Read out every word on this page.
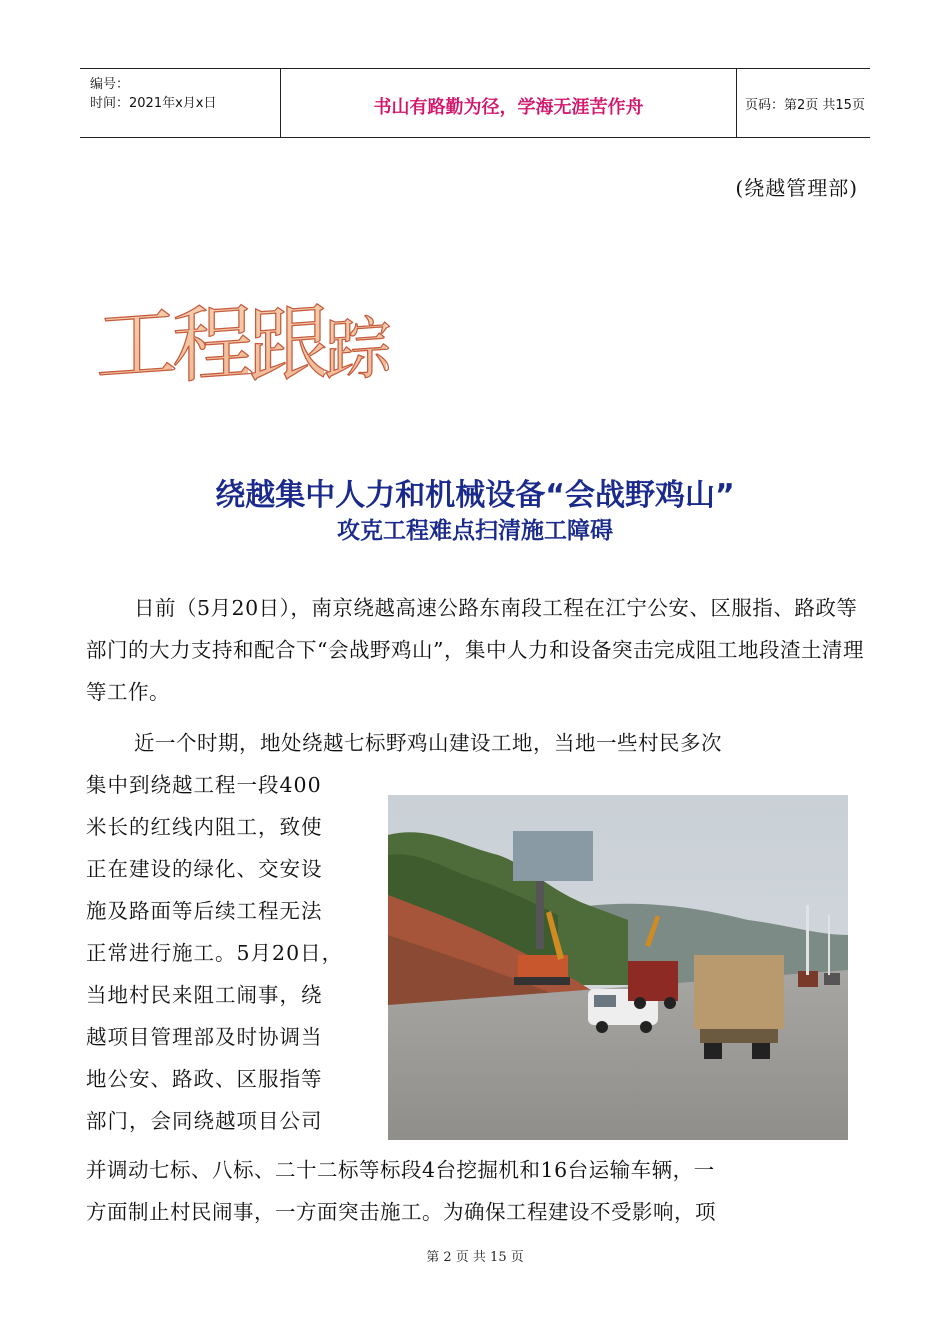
编号：
时间：2021年x月x日	书山有路勤为径，学海无涯苦作舟	页码：第2页 共15页
(绕越管理部)
工程跟踪
绕越集中人力和机械设备“会战野鸡山”
攻克工程难点扫清施工障碍
日前（5月20日），南京绕越高速公路东南段工程在江宁公安、区服指、路政等部门的大力支持和配合下“会战野鸡山”，集中人力和设备突击完成阻工地段渣土清理等工作。
近一个时期，地处绕越七标野鸡山建设工地，当地一些村民多次
集中到绕越工程一段400
米长的红线内阻工，致使
正在建设的绿化、交安设
施及路面等后续工程无法
正常进行施工。5月20日，
当地村民来阻工闹事，绕
越项目管理部及时协调当
地公安、路政、区服指等
部门，会同绕越项目公司
并调动七标、八标、二十二标等标段4台挖掘机和16台运输车辆，一
方面制止村民闹事，一方面突击施工。为确保工程建设不受影响，项
第 2 页 共 15 页
